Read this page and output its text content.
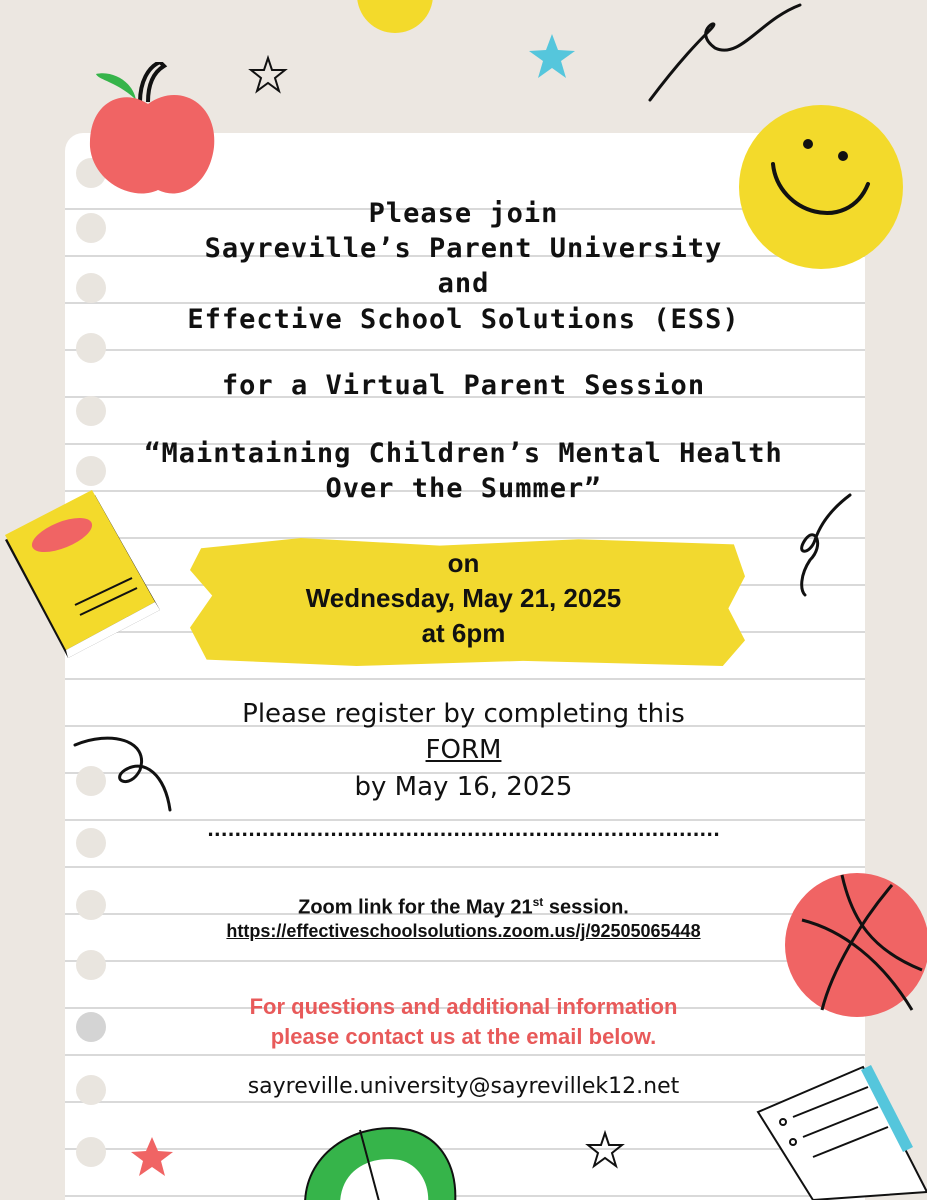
Please join
Sayreville’s Parent University
and
Effective School Solutions (ESS)
for a Virtual Parent Session
“Maintaining Children’s Mental Health
Over the Summer”
on
Wednesday, May 21, 2025
at 6pm
Please register by completing this
FORM
by May 16, 2025
...........................................................................
Zoom link for the May 21st session.
https://effectiveschoolsolutions.zoom.us/j/92505065448
For questions and additional information
please contact us at the email below.
sayreville.university@sayrevillek12.net
